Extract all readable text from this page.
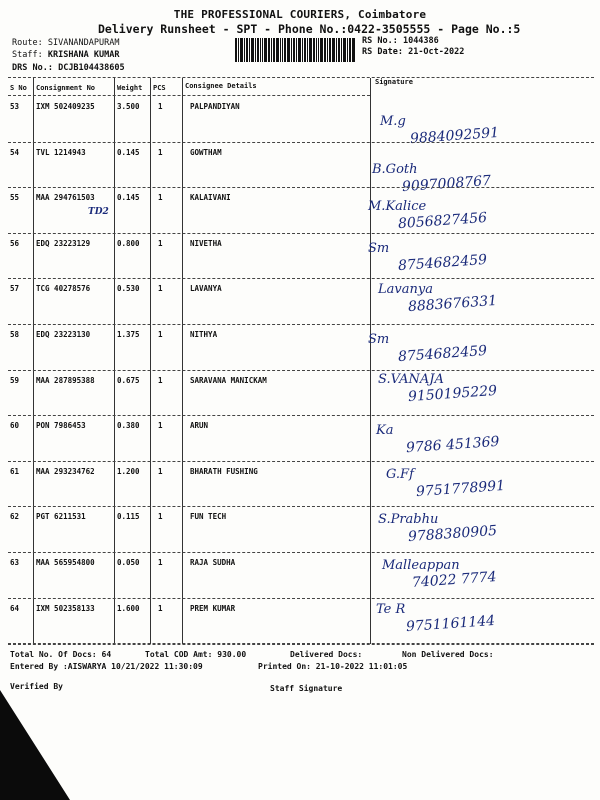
THE PROFESSIONAL COURIERS, Coimbatore
Delivery Runsheet - SPT - Phone No.:0422-3505555 - Page No.:5
Route: SIVANANDAPURAM
Staff: KRISHANA KUMAR
DRS No.: DCJB104438605
RS No.: 1044386
RS Date: 21-Oct-2022
S No Consignment No	Weight PCS	Consignee Details	Signature
53 IXM 502409235	3.500 1	PALPANDIYAN
M.g
9884092591
54 TVL 1214943	0.145 1	GOWTHAM
B.Goth
9097008767
55 MAA 294761503	0.145 1	KALAIVANI
M.Kalice
8056827456
56 EDQ 23223129	0.800 1	NIVETHA	Sm
8754682459
57 TCG 40278576	0.530 1	LAVANYA	Lavanya
8883676331
58 EDQ 23223130	1.375 1	NITHYA	Sm
8754682459
59 MAA 287895388	0.675 1	SARAVANA MANICKAM	S.VANAJA
9150195229
60 PON 7986453	0.380 1	ARUN	Ka
9786 451369
61 MAA 293234762	1.200 1	BHARATH FUSHING	G.Ff
9751778991
62 PGT 6211531	0.115 1	FUN TECH	S.Prabhu
9788380905
63 MAA 565954800	0.050 1	RAJA SUDHA	Malleappan
74022 7774
64 IXM 502358133	1.600 1	PREM KUMAR	Te R
9751161144
TD2
Total No. Of Docs: 64	Total COD Amt: 930.00	Delivered Docs:	Non Delivered Docs:
Entered By :AISWARYA 10/21/2022 11:30:09	Printed On: 21-10-2022 11:01:05
Verified By	Staff Signature
